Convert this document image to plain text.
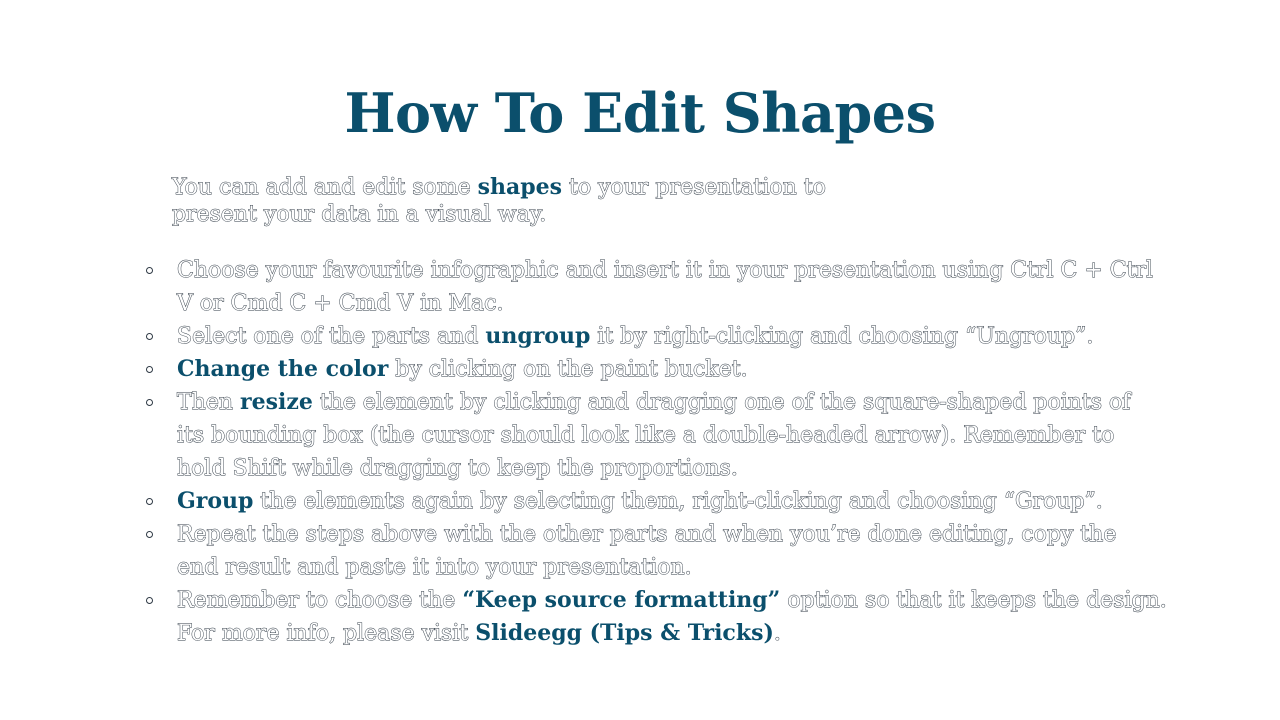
How To Edit Shapes
You can add and edit some shapes to your presentation to
present your data in a visual way.
Choose your favourite infographic and insert it in your presentation using Ctrl C + Ctrl
V or Cmd C + Cmd V in Mac.
Select one of the parts and ungroup it by right-clicking and choosing “Ungroup”.
Change the color by clicking on the paint bucket.
Then resize the element by clicking and dragging one of the square-shaped points of
its bounding box (the cursor should look like a double-headed arrow). Remember to
hold Shift while dragging to keep the proportions.
Group the elements again by selecting them, right-clicking and choosing “Group”.
Repeat the steps above with the other parts and when you’re done editing, copy the
end result and paste it into your presentation.
Remember to choose the “Keep source formatting” option so that it keeps the design.
For more info, please visit Slideegg (Tips & Tricks).
